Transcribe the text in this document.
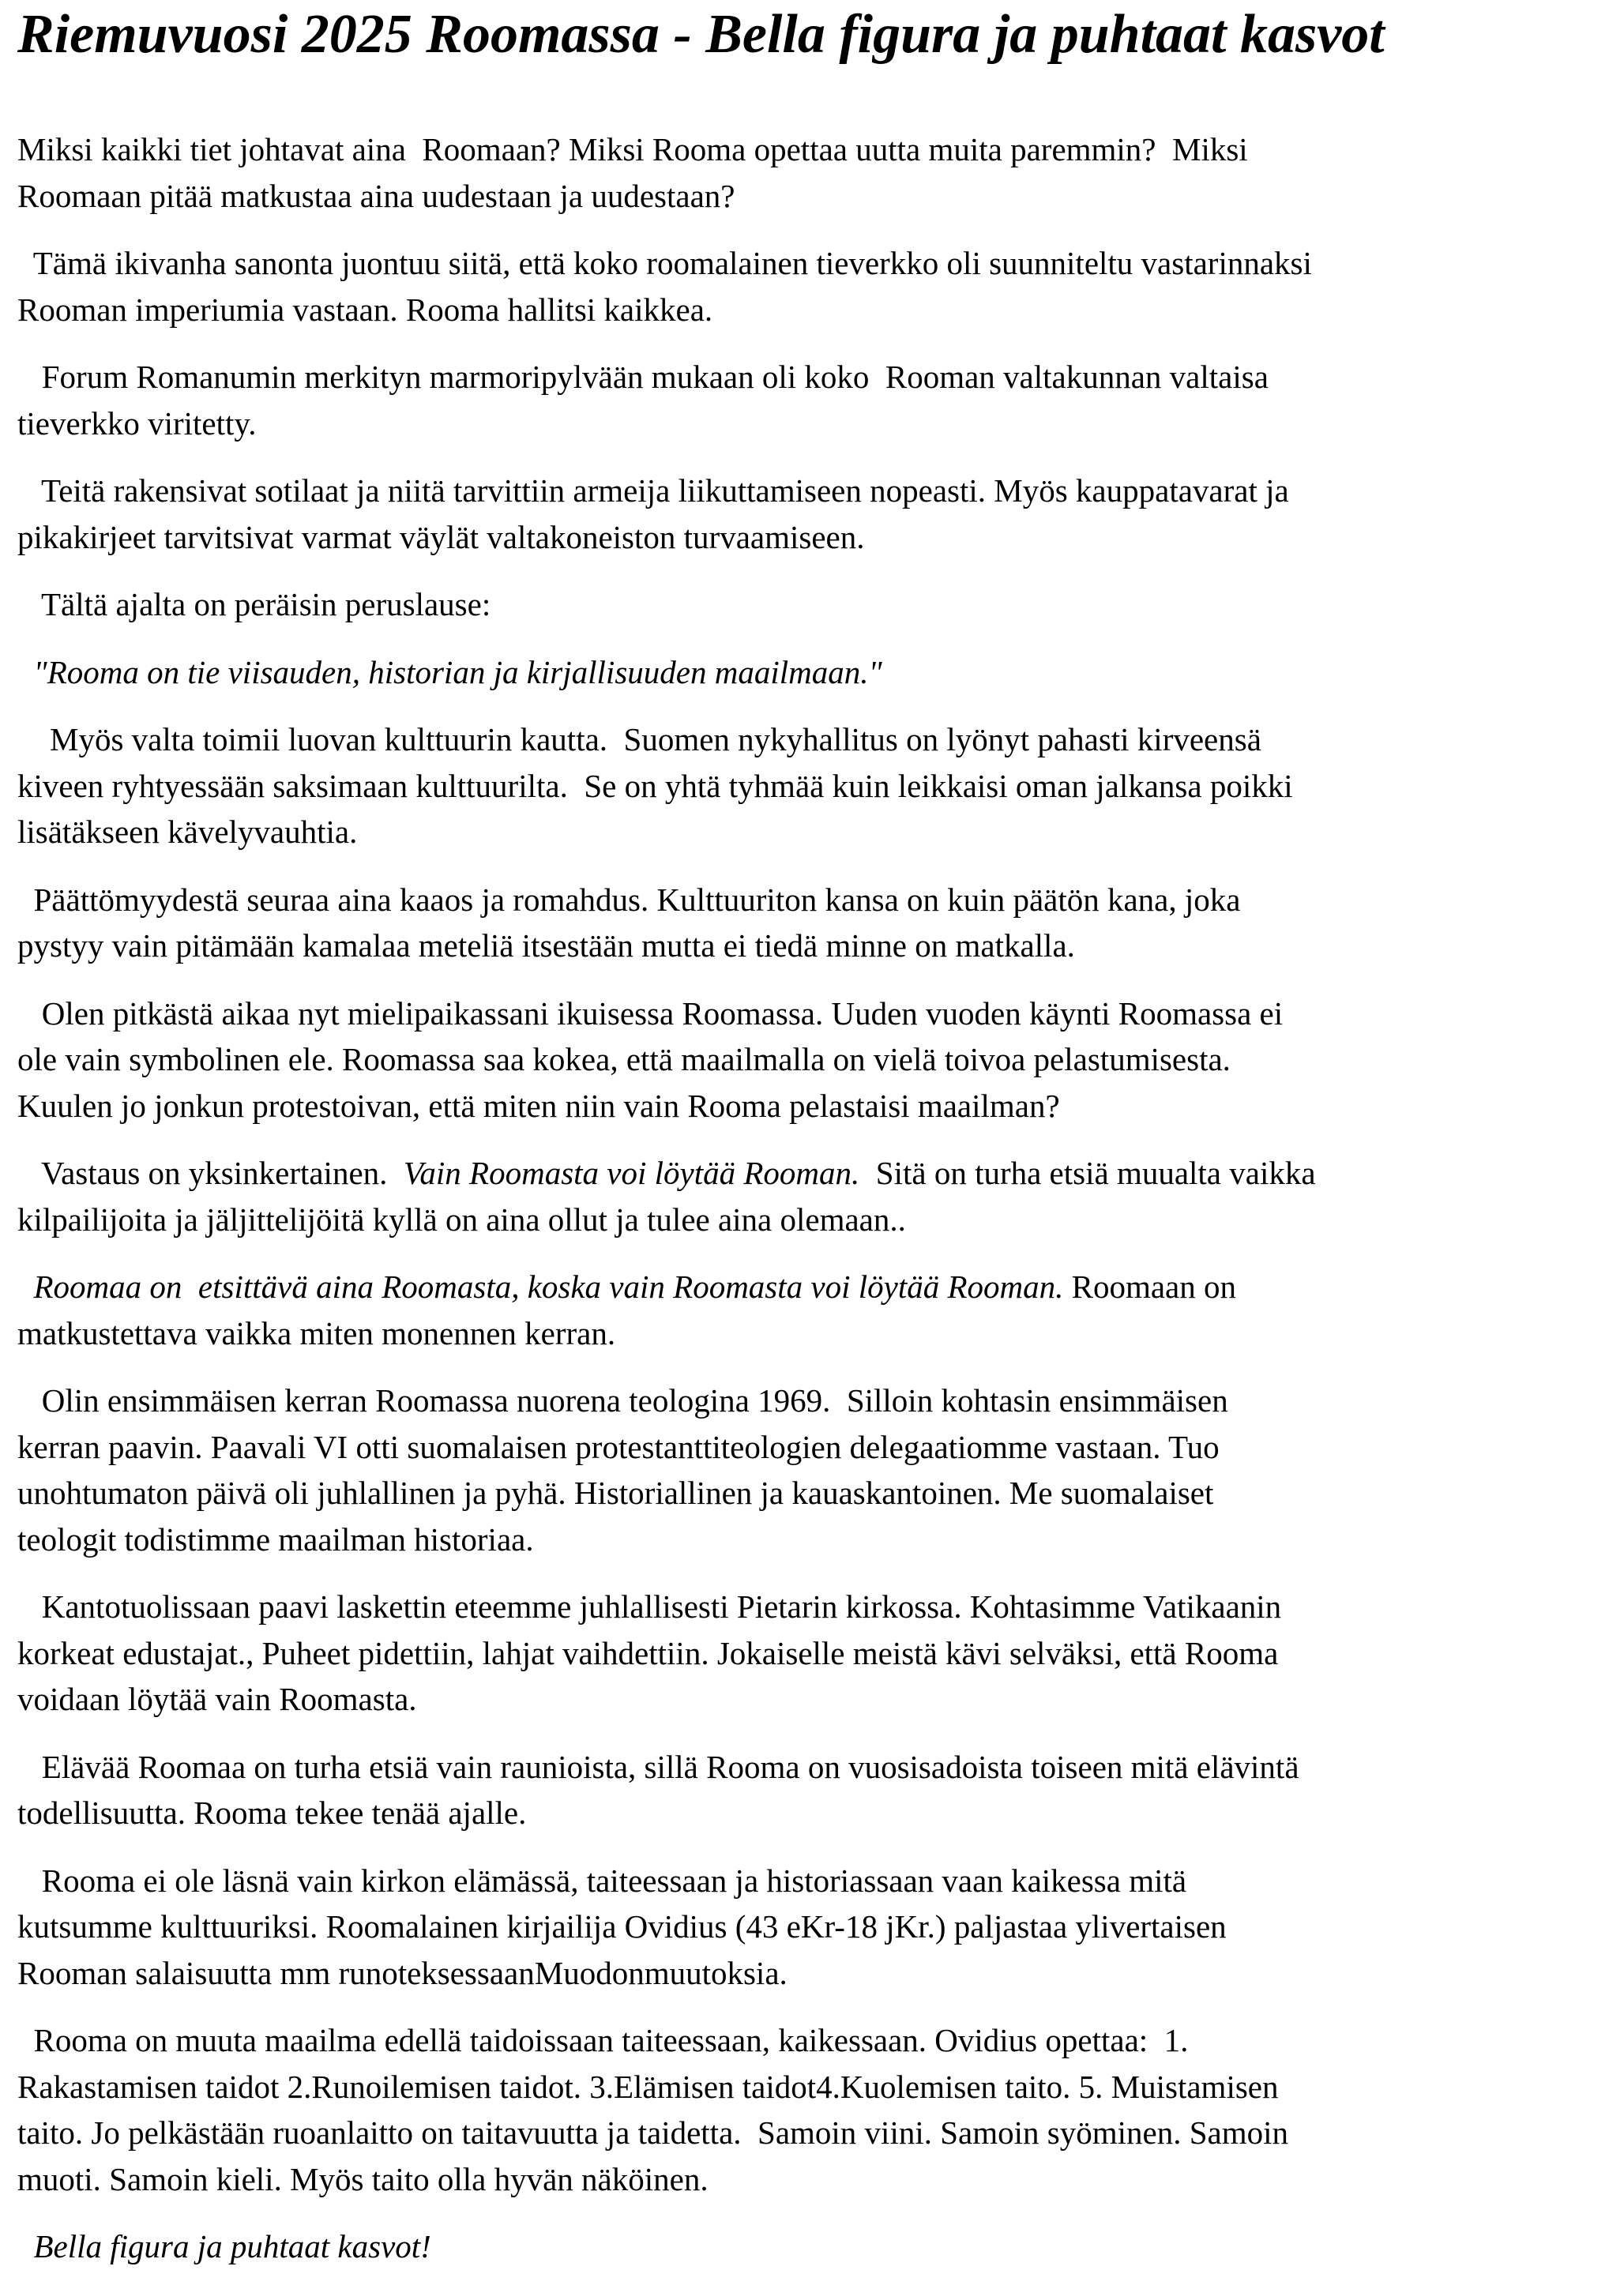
Riemuvuosi 2025 Roomassa - Bella figura ja puhtaat kasvot

Miksi kaikki tiet johtavat aina  Roomaan? Miksi Rooma opettaa uutta muita paremmin?  Miksi
Roomaan pitää matkustaa aina uudestaan ja uudestaan?

Tämä ikivanha sanonta juontuu siitä, että koko roomalainen tieverkko oli suunniteltu vastarinnaksi
Rooman imperiumia vastaan. Rooma hallitsi kaikkea.

Forum Romanumin merkityn marmoripylvään mukaan oli koko  Rooman valtakunnan valtaisa
tieverkko viritetty.

Teitä rakensivat sotilaat ja niitä tarvittiin armeija liikuttamiseen nopeasti. Myös kauppatavarat ja
pikakirjeet tarvitsivat varmat väylät valtakoneiston turvaamiseen.

Tältä ajalta on peräisin peruslause:

"Rooma on tie viisauden, historian ja kirjallisuuden maailmaan."

Myös valta toimii luovan kulttuurin kautta.  Suomen nykyhallitus on lyönyt pahasti kirveensä
kiveen ryhtyessään saksimaan kulttuurilta.  Se on yhtä tyhmää kuin leikkaisi oman jalkansa poikki
lisätäkseen kävelyvauhtia.

Päättömyydestä seuraa aina kaaos ja romahdus. Kulttuuriton kansa on kuin päätön kana, joka
pystyy vain pitämään kamalaa meteliä itsestään mutta ei tiedä minne on matkalla.

Olen pitkästä aikaa nyt mielipaikassani ikuisessa Roomassa. Uuden vuoden käynti Roomassa ei
ole vain symbolinen ele. Roomassa saa kokea, että maailmalla on vielä toivoa pelastumisesta.
Kuulen jo jonkun protestoivan, että miten niin vain Rooma pelastaisi maailman?

Vastaus on yksinkertainen.  Vain Roomasta voi löytää Rooman.  Sitä on turha etsiä muualta vaikka
kilpailijoita ja jäljittelijöitä kyllä on aina ollut ja tulee aina olemaan..

Roomaa on  etsittävä aina Roomasta, koska vain Roomasta voi löytää Rooman. Roomaan on
matkustettava vaikka miten monennen kerran.

Olin ensimmäisen kerran Roomassa nuorena teologina 1969.  Silloin kohtasin ensimmäisen
kerran paavin. Paavali VI otti suomalaisen protestanttiteologien delegaatiomme vastaan. Tuo
unohtumaton päivä oli juhlallinen ja pyhä. Historiallinen ja kauaskantoinen. Me suomalaiset
teologit todistimme maailman historiaa.

Kantotuolissaan paavi laskettin eteemme juhlallisesti Pietarin kirkossa. Kohtasimme Vatikaanin
korkeat edustajat., Puheet pidettiin, lahjat vaihdettiin. Jokaiselle meistä kävi selväksi, että Rooma
voidaan löytää vain Roomasta.

Elävää Roomaa on turha etsiä vain raunioista, sillä Rooma on vuosisadoista toiseen mitä elävintä
todellisuutta. Rooma tekee tenää ajalle.

Rooma ei ole läsnä vain kirkon elämässä, taiteessaan ja historiassaan vaan kaikessa mitä
kutsumme kulttuuriksi. Roomalainen kirjailija Ovidius (43 eKr-18 jKr.) paljastaa ylivertaisen
Rooman salaisuutta mm runoteksessaanMuodonmuutoksia.

Rooma on muuta maailma edellä taidoissaan taiteessaan, kaikessaan. Ovidius opettaa:  1.
Rakastamisen taidot 2.Runoilemisen taidot. 3.Elämisen taidot4.Kuolemisen taito. 5. Muistamisen
taito. Jo pelkästään ruoanlaitto on taitavuutta ja taidetta.  Samoin viini. Samoin syöminen. Samoin
muoti. Samoin kieli. Myös taito olla hyvän näköinen.

Bella figura ja puhtaat kasvot!
